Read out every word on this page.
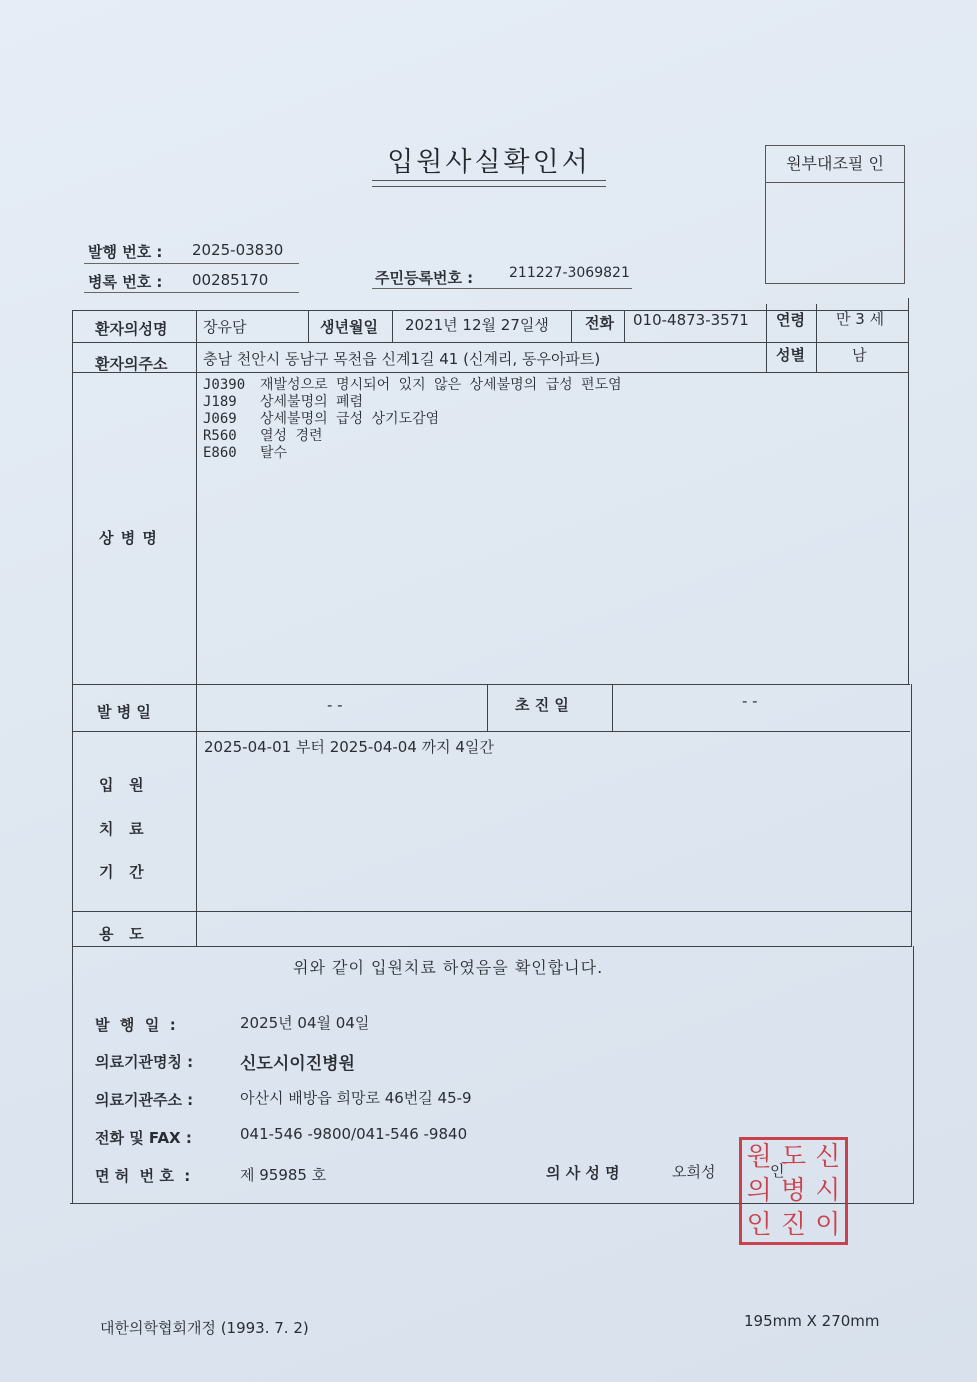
입원사실확인서	원부대조필 인
발행 번호 : 2025-03830
병록 번호 : 00285170	주민등록번호 :	211227-3069821
환자의성명 장유담	생년월일 2021년 12월 27일생 전화 010-4873-3571 연령 만 3 세
환자의주소 충남 천안시 동남구 목천읍 신계1길 41 (신계리, 동우아파트)	성별	남
상 병 명
J0390 재발성으로 명시되어 있지 않은 상세불명의 급성 편도염
J189 상세불명의 폐렴
J069 상세불명의 급성 상기도감염
R560 열성 경련
E860 탈수
발 병 일	- -	초 진 일	- -
2025-04-01 부터 2025-04-04 까지 4일간
입   원
치   료
기   간
용   도
위와 같이 입원치료 하였음을 확인합니다.
발  행  일  :	2025년 04월 04일
의료기관명칭 :	신도시이진병원
의료기관주소 :	아산시 배방읍 희망로 46번길 45-9
전화 및 FAX :	041-546 -9800/041-546 -9840
면 허  번 호  :	제 95985 호	의 사 성 명	오희성	인
원 도 신
의 병 시
인 진 이
대한의학협회개정 (1993. 7. 2)	195mm X 270mm
